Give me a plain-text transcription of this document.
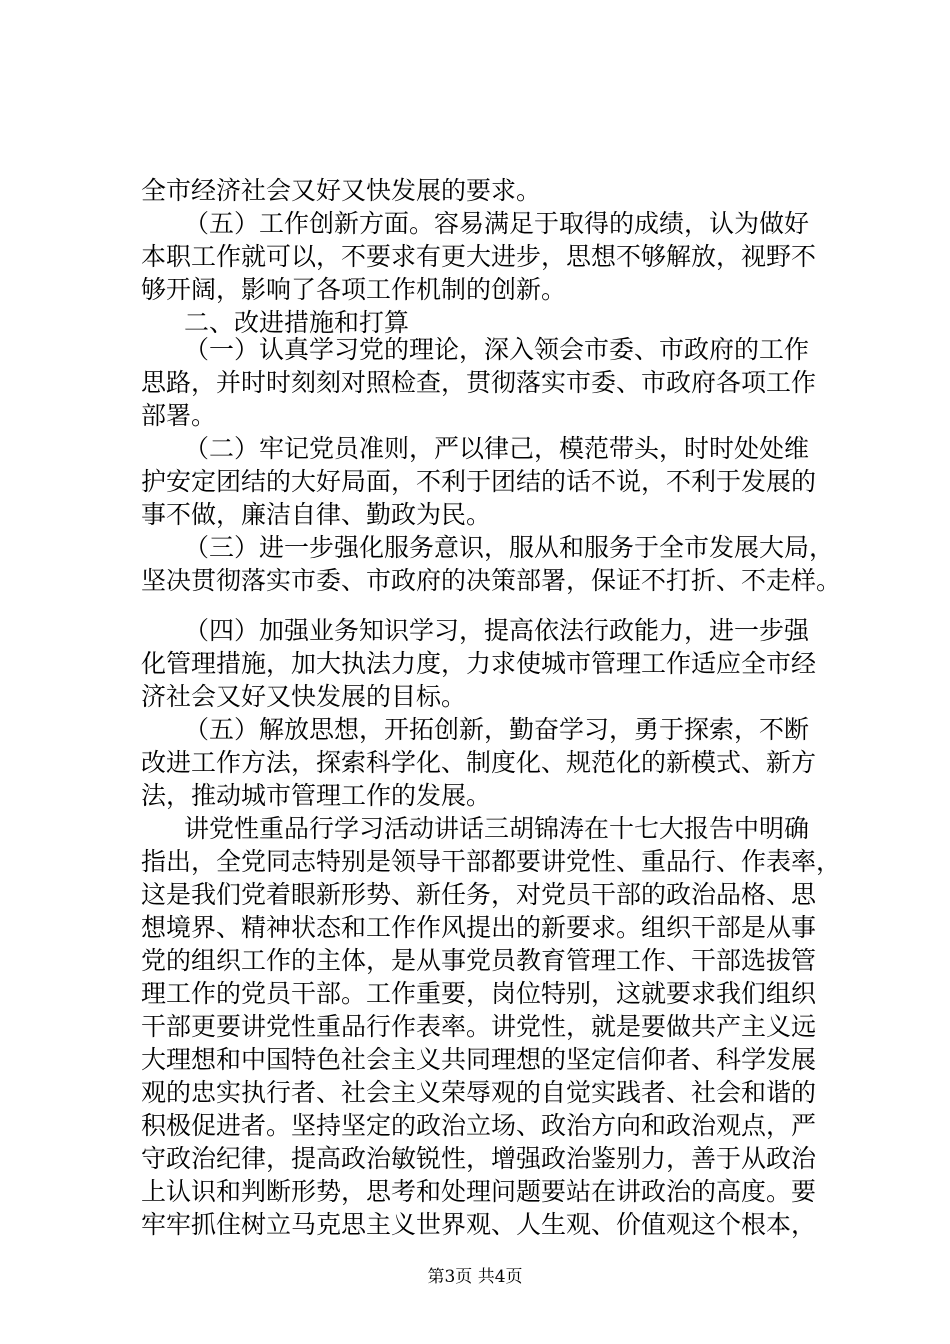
全市经济社会又好又快发展的要求。
（五）工作创新方面。容易满足于取得的成绩，认为做好
本职工作就可以，不要求有更大进步，思想不够解放，视野不
够开阔，影响了各项工作机制的创新。
二、改进措施和打算
（一）认真学习党的理论，深入领会市委、市政府的工作
思路，并时时刻刻对照检查，贯彻落实市委、市政府各项工作
部署。
（二）牢记党员准则，严以律己，模范带头，时时处处维
护安定团结的大好局面，不利于团结的话不说，不利于发展的
事不做，廉洁自律、勤政为民。
（三）进一步强化服务意识，服从和服务于全市发展大局，
坚决贯彻落实市委、市政府的决策部署，保证不打折、不走样。
（四）加强业务知识学习，提高依法行政能力，进一步强
化管理措施，加大执法力度，力求使城市管理工作适应全市经
济社会又好又快发展的目标。
（五）解放思想，开拓创新，勤奋学习，勇于探索，不断
改进工作方法，探索科学化、制度化、规范化的新模式、新方
法，推动城市管理工作的发展。
讲党性重品行学习活动讲话三胡锦涛在十七大报告中明确
指出，全党同志特别是领导干部都要讲党性、重品行、作表率，
这是我们党着眼新形势、新任务，对党员干部的政治品格、思
想境界、精神状态和工作作风提出的新要求。组织干部是从事
党的组织工作的主体，是从事党员教育管理工作、干部选拔管
理工作的党员干部。工作重要，岗位特别，这就要求我们组织
干部更要讲党性重品行作表率。讲党性，就是要做共产主义远
大理想和中国特色社会主义共同理想的坚定信仰者、科学发展
观的忠实执行者、社会主义荣辱观的自觉实践者、社会和谐的
积极促进者。坚持坚定的政治立场、政治方向和政治观点，严
守政治纪律，提高政治敏锐性，增强政治鉴别力，善于从政治
上认识和判断形势，思考和处理问题要站在讲政治的高度。要
牢牢抓住树立马克思主义世界观、人生观、价值观这个根本，
第3页 共4页
